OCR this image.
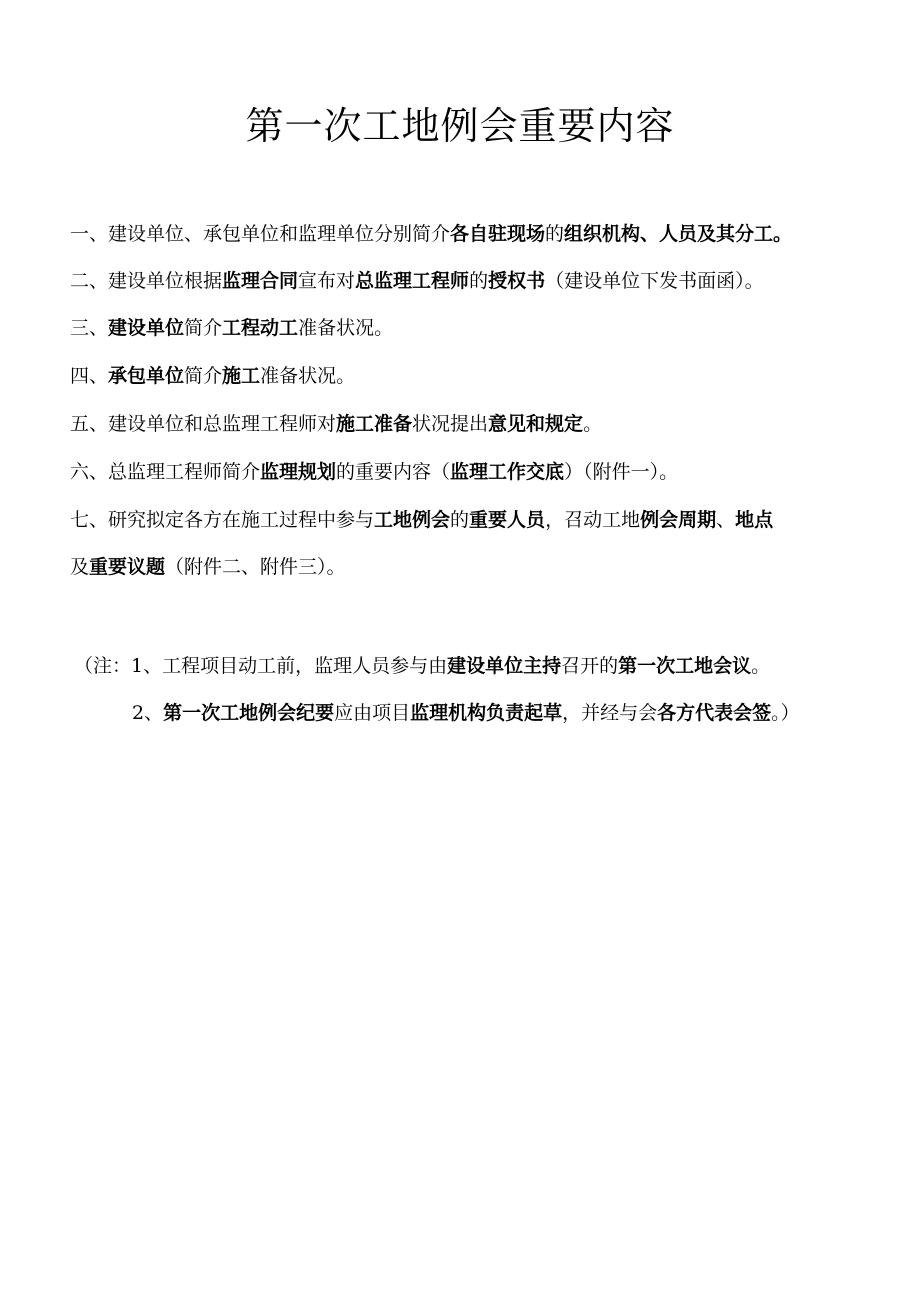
第一次工地例会重要内容

一、建设单位、承包单位和监理单位分别简介各自驻现场的组织机构、人员及其分工。

二、建设单位根据监理合同宣布对总监理工程师的授权书（建设单位下发书面函）。

三、建设单位简介工程动工准备状况。

四、承包单位简介施工准备状况。

五、建设单位和总监理工程师对施工准备状况提出意见和规定。

六、总监理工程师简介监理规划的重要内容（监理工作交底）（附件一）。

七、研究拟定各方在施工过程中参与工地例会的重要人员，召动工地例会周期、地点

及重要议题（附件二、附件三）。

（注：1、工程项目动工前，监理人员参与由建设单位主持召开的第一次工地会议。

2、第一次工地例会纪要应由项目监理机构负责起草，并经与会各方代表会签。）
